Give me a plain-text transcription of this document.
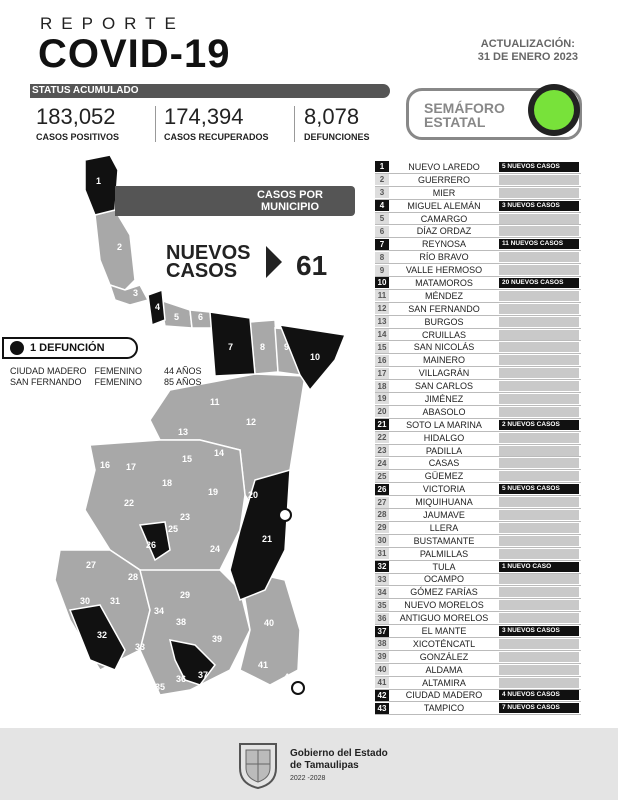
REPORTE
COVID-19	ACTUALIZACIÓN:
31 DE ENERO 2023
STATUS ACUMULADO
183,052
CASOS POSITIVOS
174,394
CASOS RECUPERADOS
8,078
DEFUNCIONES
SEMÁFORO
ESTATAL
1
2
3
4
5 6
7	8 9
10
11
12
13
14
15
16 17
18
19	20
21
22
23
24
25
26
27
28
29
30 31
32
33
34
35
36 37
38
39
40
41
42
CASOS POR
MUNICIPIO
NUEVOS
CASOS	61
1 DEFUNCIÓN
CIUDAD MADERO	FEMENINO	44 AÑOS
SAN FERNANDO	FEMENINO	85 AÑOS
1	NUEVO LAREDO	5 NUEVOS CASOS
2	GUERRERO
3	MIER
4	MIGUEL ALEMÁN	3 NUEVOS CASOS
5	CAMARGO
6	DÍAZ ORDAZ
7	REYNOSA	11 NUEVOS CASOS
8	RÍO BRAVO
9	VALLE HERMOSO
10	MATAMOROS	20 NUEVOS CASOS
11	MÉNDEZ
12	SAN FERNANDO
13	BURGOS
14	CRUILLAS
15	SAN NICOLÁS
16	MAINERO
17	VILLAGRÁN
18	SAN CARLOS
19	JIMÉNEZ
20	ABASOLO
21	SOTO LA MARINA	2 NUEVOS CASOS
22	HIDALGO
23	PADILLA
24	CASAS
25	GÜEMEZ
26	VICTORIA	5 NUEVOS CASOS
27	MIQUIHUANA
28	JAUMAVE
29	LLERA
30	BUSTAMANTE
31	PALMILLAS
32	TULA	1 NUEVO CASO
33	OCAMPO
34	GÓMEZ FARÍAS
35	NUEVO MORELOS
36	ANTIGUO MORELOS
37	EL MANTE	3 NUEVOS CASOS
38	XICOTÉNCATL
39	GONZÁLEZ
40	ALDAMA
41	ALTAMIRA
42	CIUDAD MADERO	4 NUEVOS CASOS
43	TAMPICO	7 NUEVOS CASOS
Gobierno del Estado
de Tamaulipas
2022 -2028
